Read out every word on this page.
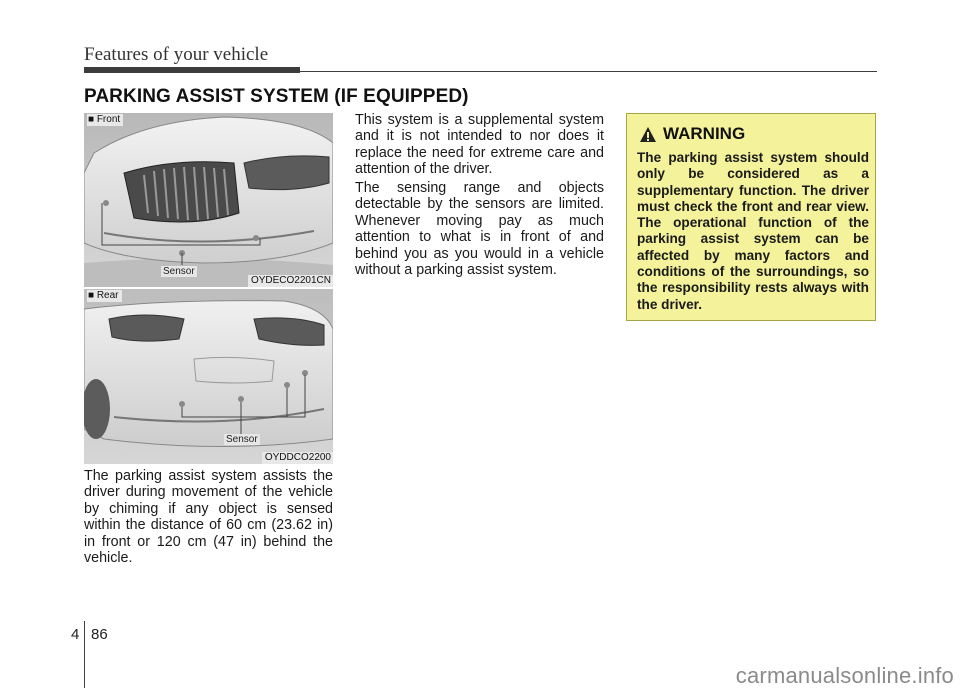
Features of your vehicle
PARKING ASSIST SYSTEM (IF EQUIPPED)
■ Front
Sensor
OYDECO2201CN
■ Rear
Sensor
OYDDCO2200

The parking assist system assists the driver during movement of the vehicle by chiming if any object is sensed within the distance of 60 cm (23.62 in) in front or 120 cm (47 in) behind the vehicle.

This system is a supplemental system and it is not intended to nor does it replace the need for extreme care and attention of the driver.

The sensing range and objects detectable by the sensors are limited. Whenever moving pay as much attention to what is in front of and behind you as you would in a vehicle without a parking assist system.

WARNING

The parking assist system should only be considered as a supplementary function. The driver must check the front and rear view. The operational function of the parking assist system can be affected by many factors and conditions of the surroundings, so the responsibility rests always with the driver.

4 86
carmanualsonline.info
